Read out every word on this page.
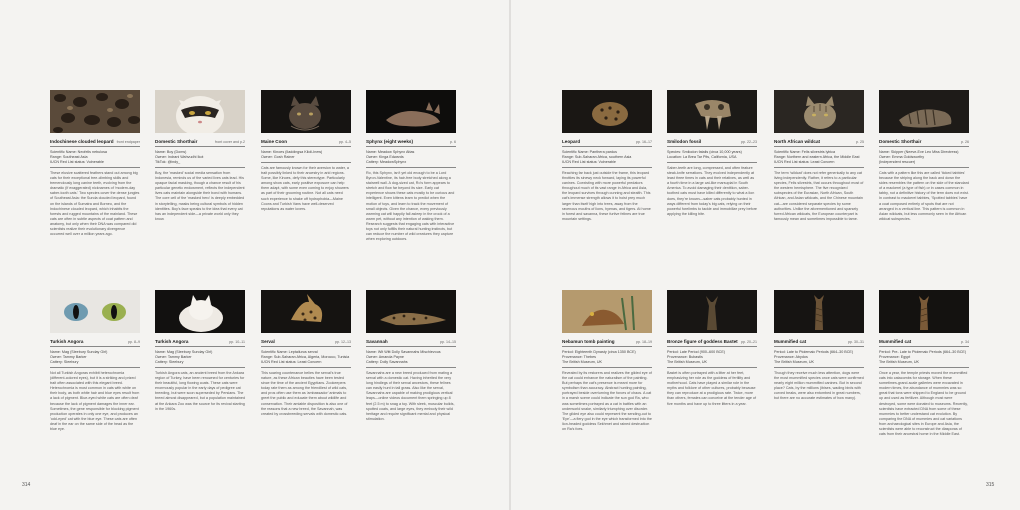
Indochinese clouded leopard front endpaper
Scientific Name: Neofelis nebulosa
Range: Southeast Asia
IUCN Red List status: Vulnerable
These elusive scattered feathers stand out among big cats for their exceptional tree-climbing skills and tremendously long canine teeth, evolving from the dramatic (if exaggerated) nicknames of 'modern-day saber-tooth cats.' Two species cover the dense jungles of Southeast Asia: the Sunda clouded leopard, found on the islands of Sumatra and Borneo, and the Indochinese clouded leopard, which inhabits the forests and rugged mountains of the mainland. These cats are often in subtle aspects of coat pattern and anatomy, but only when their DNA was compared did scientists realize their evolutionary divergence occurred well over a million years ago.
Domestic Shorthair	front cover and p.2
Name: Boy (Doms)
Owner: Indrani Wahvudhi Ikot
TikTok: @indy_
Boy, the 'masked' social media sensation from Indonesia, reminds us of the varied lives cats lead. His opaque facial masking, though a chance result of his particular genetic endowment, reflects the independent lives cats maintain alongside their bond with humans. The core cell of the 'masked hero' is deeply embedded in storytelling, masks being cultural symbols of hidden identities. Boy's face speaks to the idea that every cat has an independent side—a private world only they know.
Maine Coon	pp. 4–5
Name: Kinoes (Iladdingsa Kiloli-Inew)
Owner: Gosh Rainer
Cats are famously known for their aversion to water, a trait possibly linked to their ancestry in arid regions. Some, like Kinoes, defy this stereotype. Particularly among show cats, early positive exposure can help them adapt, with some even coming to enjoy showers as part of their grooming routine. Not all cats need such experience to shake off hydrophobia—Maine Coons and Turkish Vans have well-deserved reputations as water lovers.
Sphynx (eight weeks)	p. 6
Name: Meadow Sphynx Attas
Owner: Kinga Edwards
Cattery: MeadowSphynx
Ro, this Sphynx, isn't yet old enough to be a Lord Byron-Valentine, its hair-free body stretched along a stairwell wall. A dog-sized cat, Ro's form appears to stretch and flow far beyond its size. Early cat experience shows these cats mostly to be curious and intelligent. Even kittens learn to predict when the motion of toys, and learn to track the movement of small objects. Given the chance, every previously warming cat will happily fall asleep in the crook of a warm pet, without any intention of waking them. Research suggests that engaging cats with interactive toys not only fulfills their natural hunting instincts, but can reduce the number of wild creatures they capture when exploring outdoors.
Leopard	pp. 16–17
Scientific Name: Panthera pardus
Range: Sub-Saharan Africa, southern Asia
IUCN Red List status: Vulnerable
Reaching far back just outside the frame, this leopard throttles its sinewy neck forward, laying its powerful canines. Coexisting with more powerful predators throughout much of its vast range in Africa and Asia, the leopard survives through cunning and stealth. This cat's immense strength allows it to hoist prey much larger than itself high into trees, away from the ravenous mouths of lions, hyenas, and tigers. At home in forest and savanna, these furtive felines are true mountain settings.
Smilodon fossil	pp. 22–23
Species: Smilodon fatalis (circa 10,000 years)
Location: La Brea Tar Pits, California, USA
Saber-teeth are long, compressed, and often feature steak-knife serrations. They evolved independently at least three times in cats and their relatives, as well as a fourth time in a large cat-like marsupial in South America. To avoid damaging their dentition, saber-toothed cats must have killed differently to what a lion does, they're known—saber cats probably hunted in ways different from today's big cats, relying on their powerful forelimbs to tackle and immobilize prey before applying the killing bite.
North African wildcat	p. 25
Scientific Name: Felis silvestris lybica
Range: Northern and eastern Africa, the Middle East
IUCN Red List status: Least Concern
The term 'wildcat' does not refer generically to any cat living independently. Rather, it refers to a particular species, Felis silvestris, that occurs throughout most of the western hemisphere. The five recognized subspecies of the Eurasian, North African, South African, and Asian wildcats, and the Chinese mountain cat—are considered separate species by some authorities. Unlike the aforementioned and sparsely furred African wildcats, the European counterpart is famously mean and sometimes impossible to tame.
Domestic Shorthair	p. 26
Name: Skipper (Neeve-Eve Leo Miss Directress)
Owner: Emma Goldsworthy
(Independent rescuer)
Cats with a pattern like this are called 'ticked tabbies' because the striping along the back and down the sides resembles the pattern on the side of the standard of a mackerel (a type of fish) or in cases common in tabby, not a definitive history of the term does not exist. In contrast to mackerel tabbies, 'Spotted tabbies' have a coat composed entirely of spots that are not arranged in a vertical line. This pattern is common in Asian wildcats, but less commonly seen in the African wildcat subspecies.
Turkish Angora	pp. 8–9
Name: Mag (Sleebury Sunday Girl)
Owner: Tammy Barker
Cattery: Sleebury
Not all Turkish Angoras exhibit heterochromia (different-colored eyes), but it is a striking and prized trait often associated with this elegant breed. Heterochromia is most common in cats with white on their body, as both white hair and blue eyes result from a lack of pigment. Blue-eyed white cats are often deaf because the lack of pigment damages the inner ear. Sometimes, the gene responsible for blocking pigment production operates in only one eye, and produces an 'odd-eyed' cat with the blue eye. These cats are often deaf in the ear on the same side of the head as the blue eye.
Turkish Angora	pp. 10–11
Name: Mag (Sleebury Sunday Girl)
Owner: Tammy Barker
Cattery: Sleebury
Turkish Angora cats, an ancient breed from the Ankara region of Turkey, have been renowned for centuries for their beautiful, long flowing coats. These cats were enormously popular in the early days of pedigree cat breeding, but were soon superseded by Persians. The breed almost disappeared, but a population maintained at the Ankara Zoo was the source for its revival starting in the 1960s.
Serval	pp. 12–13
Scientific Name: Leptailurus serval
Range: Sub-Saharan Africa, Algeria, Morocco, Tunisia
IUCN Red List status: Least Concern
This soaring countenance belies the serval's true nature, as these African beauties have been tested since the time of the ancient Egyptians. Zookeepers today rate them as among the friendliest of wild cats, and pros often use them as 'ambassador' animals to greet the public and educate them about wildlife and conservation. Their amiable disposition is also one of the reasons that a new breed, the Savannah, was created by crossbreeding servals with domestic cats.
Savannah	pp. 14–15
Name: Wit Witt Dolly Savannahs Mischievous
Owner: Amanda Payne
Cattery: Dolly Savannahs
Savannahs are a new breed produced from mating a serval with a domestic cat. Having inherited the very long hindlegs of their serval ancestors, these felines can easily hunt in tall grass. Also like the serval, Savannahs are capable of making prodigious vertical leaps—online videos document them springing up 8 feet (2.5 m) to snag a toy. With sleek, muscular builds, spotted coats, and large eyes, they embody their wild heritage and require significant mental and physical stimulation.
Nebamun tomb painting	pp. 18–19
Period: Eighteenth Dynasty (circa 1350 BCE)
Provenance: Thebes
The British Museum, UK
Revealed by its restorers and realizes the gilded eye of the cat could enhance the naturalism of the painting. But perhaps the cat's presence is meant more for symbolism than accuracy. Abstract hunting painting, portrayed beside overturning the forces of chaos. A cat in a marsh scene could indicate the sun god Ra, who was sometimes portrayed as a cat in battles with an underworld snake, similarly triumphing over disorder. The gilded eye also could represent the sending-out to 'Eye'—a fiery god in the eye which transformed into the lion-headed goddess Sekhmet and rained destruction on Ra's foes.
Bronze figure of goddess Bastet pp. 20–21
Period: Late Period (900–600 BCE)
Provenance: Bubastis
The British Museum, UK
Bastet is often portrayed with a litter at her feet, emphasizing her role as the goddess of fertility and motherhood. Cats have played a similar role in the myths and folklore of other cultures, probably because they can reproduce at a prodigious rate. Twice, more than others, females can conceive at the tender age of five months and have up to three litters in a year.
Mummified cat	pp. 30–31
Period: Late to Ptolemaic Periods (664–30 BCE)
Provenance: Abydos
The British Museum, UK
Though they receive much less attention, dogs were the most mummified species once cats were confirmed nearly eight million mummified canines. But in second place? Cats, by the millions (ibises, wading birds with curved beaks, were also entombed in great numbers, but there are no accurate estimates of how many).
Mummified cat	p. 34
Period: Pre- Late to Ptolemaic Periods (664–30 BCE)
Provenance: Egypt
The British Museum, UK
Once a year, the temple priests moved the mummified cats into catacombs for storage. When these sometimes-grand-scale galleries were excavated in modern times, the abundance of mummies was so great that tons were shipped to England to be ground up and used as fertilizer. Although most were destroyed, some were donated to museums. Recently, scientists have extracted DNA from some of these mummies to better understand cat evolution. By comparing the DNA of mummies and cat variations from archaeological sites in Europe and Asia, the scientists were able to reconstruct the diasporas of cats from their ancestral home in the Middle East.
314	315
